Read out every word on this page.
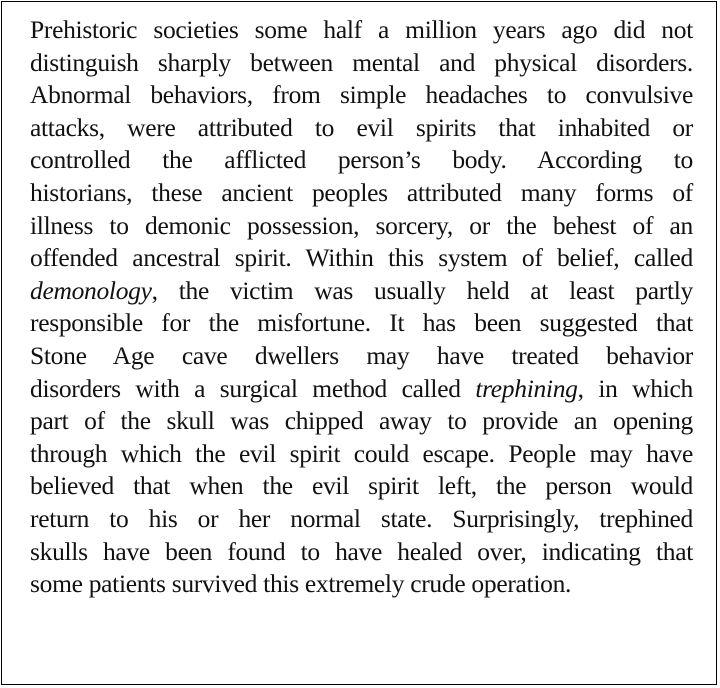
Prehistoric societies some half a million years ago did not
distinguish sharply between mental and physical disorders.
Abnormal behaviors, from simple headaches to convulsive
attacks, were attributed to evil spirits that inhabited or
controlled the afflicted person’s body. According to
historians, these ancient peoples attributed many forms of
illness to demonic possession, sorcery, or the behest of an
offended ancestral spirit. Within this system of belief, called
demonology, the victim was usually held at least partly
responsible for the misfortune. It has been suggested that
Stone Age cave dwellers may have treated behavior
disorders with a surgical method called trephining, in which
part of the skull was chipped away to provide an opening
through which the evil spirit could escape. People may have
believed that when the evil spirit left, the person would
return to his or her normal state. Surprisingly, trephined
skulls have been found to have healed over, indicating that
some patients survived this extremely crude operation.
